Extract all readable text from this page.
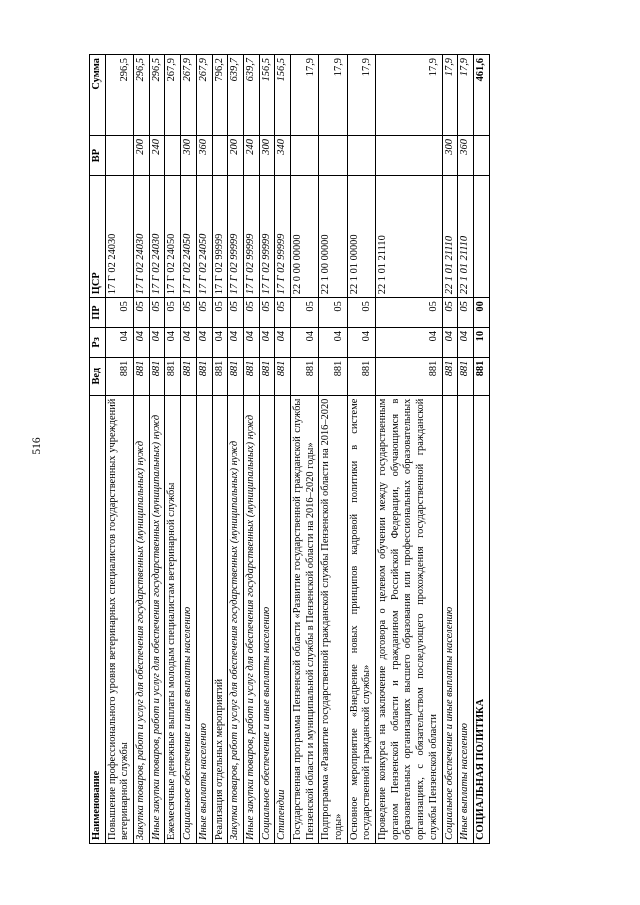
516
Наименование	Вед	Рз	ПР	ЦСР	ВР	Сумма
Повышение профессионального уровня ветеринарных специалистов государственных учреждений ветеринарной службы	881	04	05	17 Г 02 24030		296,5
Закупка товаров, работ и услуг для обеспечения государственных (муниципальных) нужд	881	04	05	17 Г 02 24030	200	296,5
Иные закупки товаров, работ и услуг для обеспечения государственных (муниципальных) нужд	881	04	05	17 Г 02 24030	240	296,5
Ежемесячные денежные выплаты молодым специалистам ветеринарной службы	881	04	05	17 Г 02 24050		267,9
Социальное обеспечение и иные выплаты населению	881	04	05	17 Г 02 24050	300	267,9
Иные выплаты населению	881	04	05	17 Г 02 24050	360	267,9
Реализация отдельных мероприятий	881	04	05	17 Г 02 99999		796,2
Закупка товаров, работ и услуг для обеспечения государственных (муниципальных) нужд	881	04	05	17 Г 02 99999	200	639,7
Иные закупки товаров, работ и услуг для обеспечения государственных (муниципальных) нужд	881	04	05	17 Г 02 99999	240	639,7
Социальное обеспечение и иные выплаты населению	881	04	05	17 Г 02 99999	300	156,5
Стипендии	881	04	05	17 Г 02 99999	340	156,5
Государственная программа Пензенской области «Развитие государственной гражданской службы Пензенской области и муниципальной службы в Пензенской области на 2016–2020 годы»	881	04	05	22 0 00 00000		17,9
Подпрограмма «Развитие государственной гражданской службы Пензенской области на 2016–2020 годы»	881	04	05	22 1 00 00000		17,9
Основное мероприятие «Внедрение новых принципов кадровой политики в системе государственной гражданской службы»	881	04	05	22 1 01 00000		17,9
Проведение конкурса на заключение договора о целевом обучении между государственным органом Пензенской области и гражданином Российской Федерации, обучающимся в образовательных организациях высшего образования или профессиональных образовательных организациях, с обязательством последующего прохождения государственной гражданской службы Пензенской области	881	04	05	22 1 01 21110		17,9
Социальное обеспечение и иные выплаты населению	881	04	05	22 1 01 21110	300	17,9
Иные выплаты населению	881	04	05	22 1 01 21110	360	17,9
СОЦИАЛЬНАЯ ПОЛИТИКА	881	10	00			461,6
